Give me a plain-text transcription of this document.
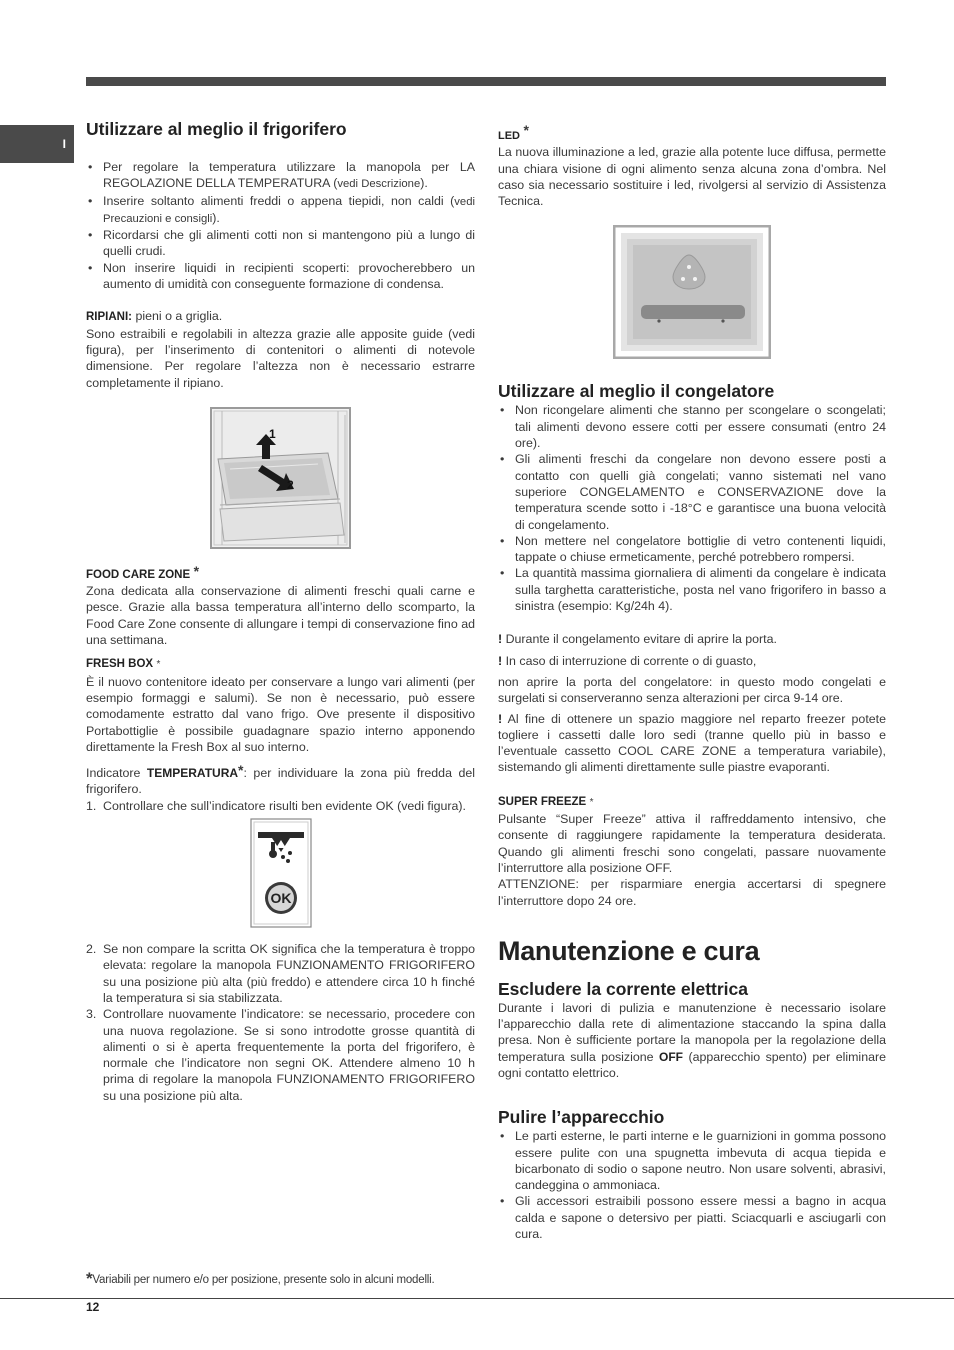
I
Utilizzare al meglio il frigorifero
• Per regolare la temperatura utilizzare la manopola per LA REGOLAZIONE DELLA TEMPERATURA (vedi Descrizione).
• Inserire soltanto alimenti freddi o appena tiepidi, non caldi (vedi Precauzioni e consigli).
• Ricordarsi che gli alimenti cotti non si mantengono più a lungo di quelli crudi.
• Non inserire liquidi in recipienti scoperti: provocherebbero un aumento di umidità con conseguente formazione di condensa.

RIPIANI: pieni o a griglia.

Sono estraibili e regolabili in altezza grazie alle apposite guide (vedi figura), per l’inserimento di contenitori o alimenti di notevole dimensione. Per regolare l’altezza non è necessario estrarre completamente il ripiano.

1
2

FOOD CARE ZONE *

Zona dedicata alla conservazione di alimenti freschi quali carne e pesce. Grazie alla bassa temperatura all’interno dello scomparto, la Food Care Zone consente di allungare i tempi di conservazione fino ad una settimana.

FRESH BOX *

È il nuovo contenitore ideato per conservare a lungo vari alimenti (per esempio formaggi e salumi). Se non è necessario, può essere comodamente estratto dal vano frigo. Ove presente il dispositivo Portabottiglie è possibile guadagnare spazio interno apponendo direttamente la Fresh Box al suo interno.

Indicatore TEMPERATURA*: per individuare la zona più fredda del frigorifero.

1. Controllare che sull’indicatore risulti ben evidente OK (vedi figura).
OK
2. Se non compare la scritta OK significa che la temperatura è troppo elevata: regolare la manopola FUNZIONAMENTO FRIGORIFERO su una posizione più alta (più freddo) e attendere circa 10 h finché la temperatura si sia stabilizzata.
3. Controllare nuovamente l’indicatore: se necessario, procedere con una nuova regolazione. Se si sono introdotte grosse quantità di alimenti o si è aperta frequentemente la porta del frigorifero, è normale che l’indicatore non segni OK. Attendere almeno 10 h prima di regolare la manopola FUNZIONAMENTO FRIGORIFERO su una posizione più alta.

LED *

La nuova illuminazione a led, grazie alla potente luce diffusa, permette una chiara visione di ogni alimento senza alcuna zona d’ombra. Nel caso sia necessario sostituire i led, rivolgersi al servizio di Assistenza Tecnica.

Utilizzare al meglio il congelatore
• Non ricongelare alimenti che stanno per scongelare o scongelati; tali alimenti devono essere cotti per essere consumati (entro 24 ore).
• Gli alimenti freschi da congelare non devono essere posti a contatto con quelli già congelati; vanno sistemati nel vano superiore CONGELAMENTO e CONSERVAZIONE dove la temperatura scende sotto i -18°C e garantisce una buona velocità di congelamento.
• Non mettere nel congelatore bottiglie di vetro contenenti liquidi, tappate o chiuse ermeticamente, perché potrebbero rompersi.
• La quantità massima giornaliera di alimenti da congelare è indicata sulla targhetta caratteristiche, posta nel vano frigorifero in basso a sinistra (esempio: Kg/24h 4).

! Durante il congelamento evitare di aprire la porta.

! In caso di interruzione di corrente o di guasto,

non aprire la porta del congelatore: in questo modo congelati e surgelati si conserveranno senza alterazioni per circa 9-14 ore.

! Al fine di ottenere un spazio maggiore nel reparto freezer potete togliere i cassetti dalle loro sedi (tranne quello più in basso e l’eventuale cassetto COOL CARE ZONE a temperatura variabile), sistemando gli alimenti direttamente sulle piastre evaporanti.

SUPER FREEZE *

Pulsante “Super Freeze” attiva il raffreddamento intensivo, che consente di raggiungere rapidamente la temperatura desiderata. Quando gli alimenti freschi sono congelati, passare nuovamente l’interruttore alla posizione OFF.

ATTENZIONE: per risparmiare energia accertarsi di spegnere l’interruttore dopo 24 ore.

Manutenzione e cura
Escludere la corrente elettrica

Durante i lavori di pulizia e manutenzione è necessario isolare l’apparecchio dalla rete di alimentazione staccando la spina dalla presa. Non è sufficiente portare la manopola per la regolazione della temperatura sulla posizione OFF (apparecchio spento) per eliminare ogni contatto elettrico.

Pulire l’apparecchio
• Le parti esterne, le parti interne e le guarnizioni in gomma possono essere pulite con una spugnetta imbevuta di acqua tiepida e bicarbonato di sodio o sapone neutro. Non usare solventi, abrasivi, candeggina o ammoniaca.
• Gli accessori estraibili possono essere messi a bagno in acqua calda e sapone o detersivo per piatti. Sciacquarli e asciugarli con cura.
*Variabili per numero e/o per posizione, presente solo in alcuni modelli.
12
